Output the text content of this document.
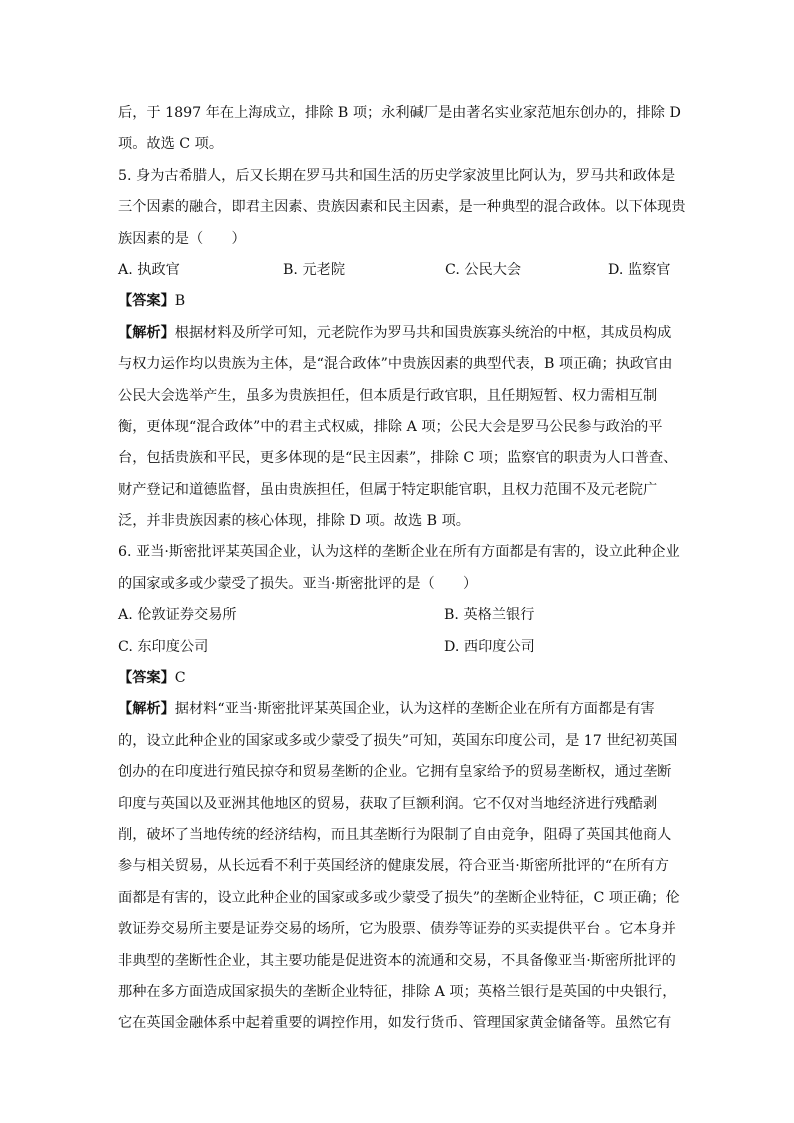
后，于 1897 年在上海成立，排除 B 项；永利碱厂是由著名实业家范旭东创办的，排除 D
项。故选 C 项。
5. 身为古希腊人，后又长期在罗马共和国生活的历史学家波里比阿认为，罗马共和政体是
三个因素的融合，即君主因素、贵族因素和民主因素，是一种典型的混合政体。以下体现贵
族因素的是（　　）
A. 执政官	B. 元老院	C. 公民大会	D. 监察官
【答案】B
【解析】根据材料及所学可知，元老院作为罗马共和国贵族寡头统治的中枢，其成员构成
与权力运作均以贵族为主体，是“混合政体”中贵族因素的典型代表，B 项正确；执政官由
公民大会选举产生，虽多为贵族担任，但本质是行政官职，且任期短暂、权力需相互制
衡，更体现“混合政体”中的君主式权威，排除 A 项；公民大会是罗马公民参与政治的平
台，包括贵族和平民，更多体现的是“民主因素”，排除 C 项；监察官的职责为人口普查、
财产登记和道德监督，虽由贵族担任，但属于特定职能官职，且权力范围不及元老院广
泛，并非贵族因素的核心体现，排除 D 项。故选 B 项。
6. 亚当·斯密批评某英国企业，认为这样的垄断企业在所有方面都是有害的，设立此种企业
的国家或多或少蒙受了损失。亚当·斯密批评的是（　　）
A. 伦敦证券交易所	B. 英格兰银行
C. 东印度公司	D. 西印度公司
【答案】C
【解析】据材料“亚当·斯密批评某英国企业，认为这样的垄断企业在所有方面都是有害
的，设立此种企业的国家或多或少蒙受了损失”可知，英国东印度公司，是 17 世纪初英国
创办的在印度进行殖民掠夺和贸易垄断的企业。它拥有皇家给予的贸易垄断权，通过垄断
印度与英国以及亚洲其他地区的贸易，获取了巨额利润。它不仅对当地经济进行残酷剥
削，破坏了当地传统的经济结构，而且其垄断行为限制了自由竞争，阻碍了英国其他商人
参与相关贸易，从长远看不利于英国经济的健康发展，符合亚当·斯密所批评的“在所有方
面都是有害的，设立此种企业的国家或多或少蒙受了损失”的垄断企业特征，C 项正确；伦
敦证券交易所主要是证券交易的场所，它为股票、债券等证券的买卖提供平台 。它本身并
非典型的垄断性企业，其主要功能是促进资本的流通和交易，不具备像亚当·斯密所批评的
那种在多方面造成国家损失的垄断企业特征，排除 A 项；英格兰银行是英国的中央银行，
它在英国金融体系中起着重要的调控作用，如发行货币、管理国家黄金储备等。虽然它有
